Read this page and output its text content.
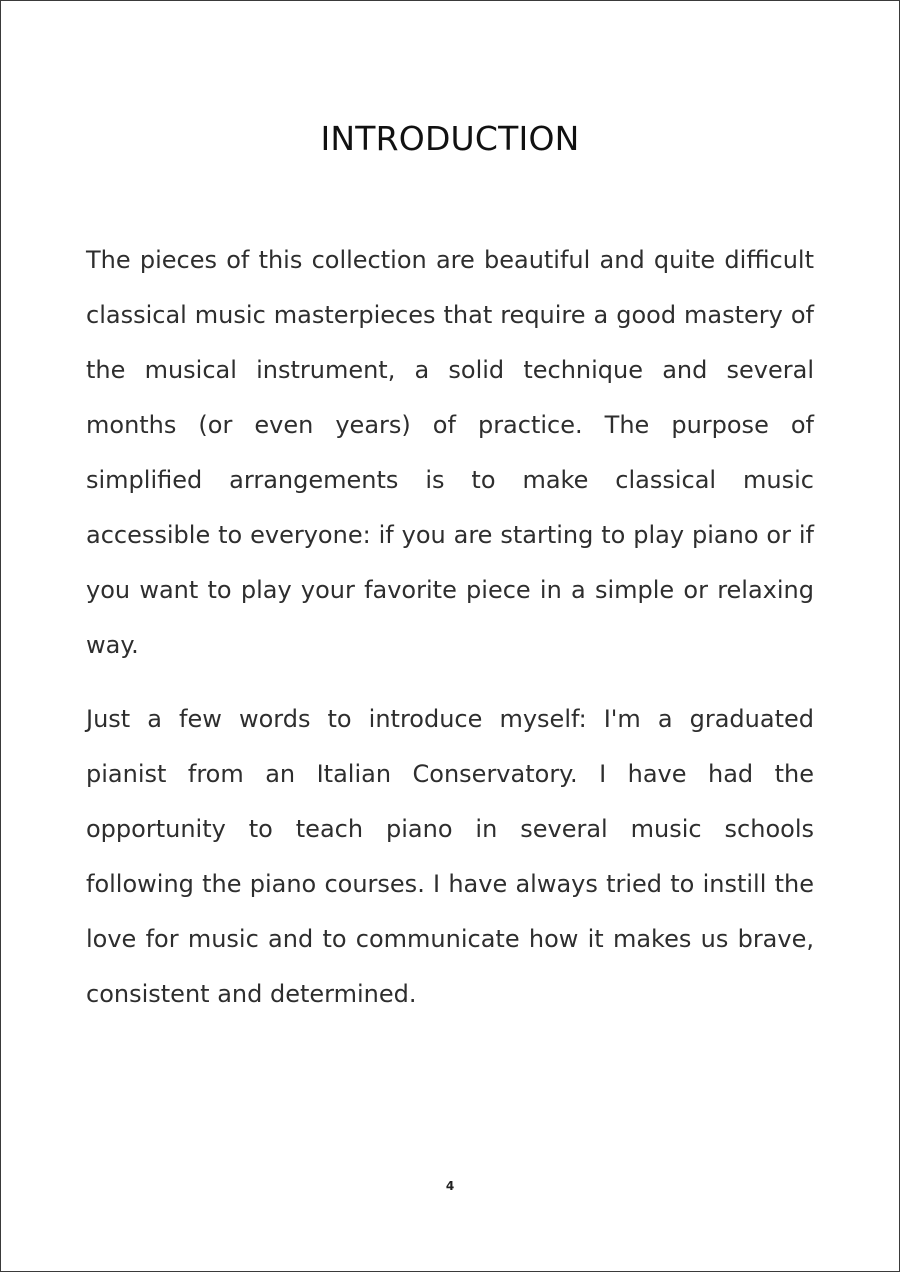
INTRODUCTION

The pieces of this collection are beautiful and quite difficult classical music masterpieces that require a good mastery of the musical instrument, a solid technique and several months (or even years) of practice. The purpose of simplified arrangements is to make classical music accessible to everyone: if you are starting to play piano or if you want to play your favorite piece in a simple or relaxing way.

Just a few words to introduce myself: I'm a graduated pianist from an Italian Conservatory. I have had the opportunity to teach piano in several music schools following the piano courses. I have always tried to instill the love for music and to communicate how it makes us brave, consistent and determined.

4
